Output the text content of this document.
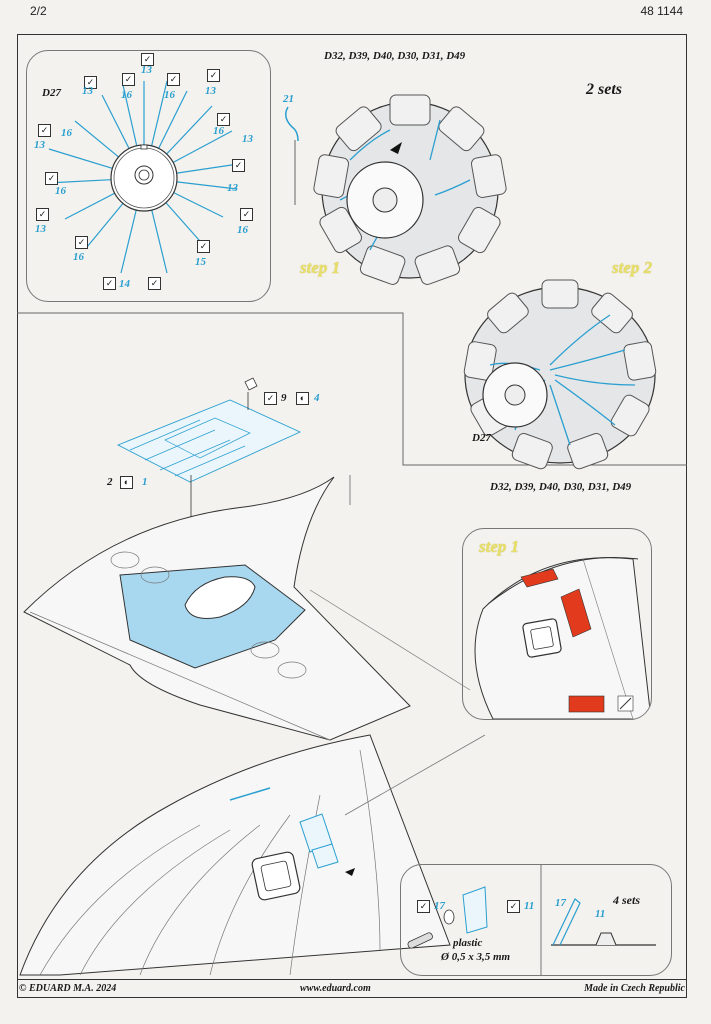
2/2	48 1144
D27
✓
13
✓	✓	✓	✓
13	16	16	13
✓
✓
13
16	13
16
✓
✓
16	13
✓	✓
13	16
✓	✓
16	15
✓ 14	✓
D32, D39, D40, D30, D31, D49
21
2 sets
step 1	step 2
D27
D32, D39, D40, D30, D31, D49
✓ 9	◐ 4
2	◐	1
step 1
✓ 17	✓ 11
plastic
Ø 0,5 x 3,5 mm
4 sets
17
11
© EDUARD M.A. 2024	www.eduard.com	Made in Czech Republic
